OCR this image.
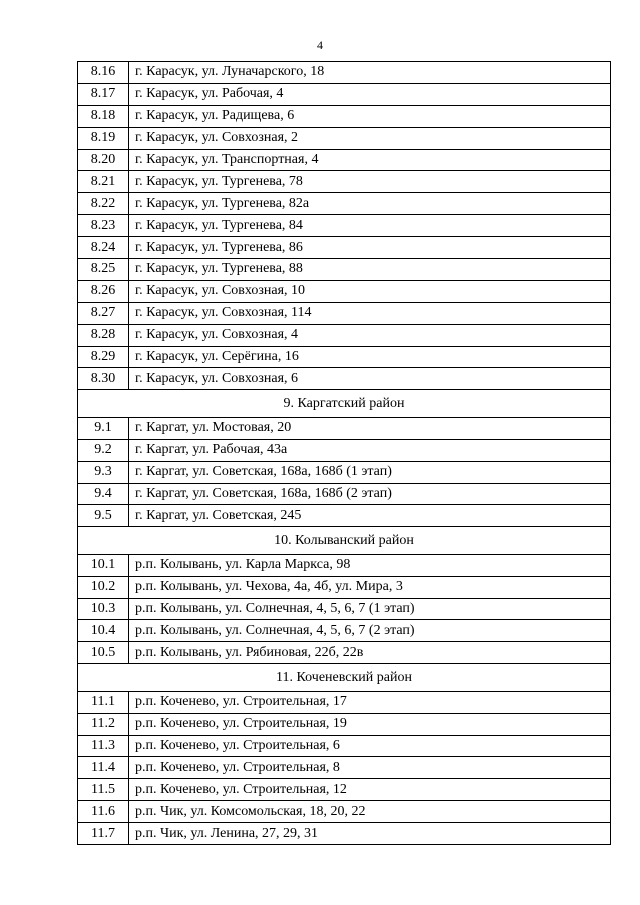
4
8.16	г. Карасук, ул. Луначарского, 18
8.17	г. Карасук, ул. Рабочая, 4
8.18	г. Карасук, ул. Радищева, 6
8.19	г. Карасук, ул. Совхозная, 2
8.20	г. Карасук, ул. Транспортная, 4
8.21	г. Карасук, ул. Тургенева, 78
8.22	г. Карасук, ул. Тургенева, 82а
8.23	г. Карасук, ул. Тургенева, 84
8.24	г. Карасук, ул. Тургенева, 86
8.25	г. Карасук, ул. Тургенева, 88
8.26	г. Карасук, ул. Совхозная, 10
8.27	г. Карасук, ул. Совхозная, 114
8.28	г. Карасук, ул. Совхозная, 4
8.29	г. Карасук, ул. Серёгина, 16
8.30	г. Карасук, ул. Совхозная, 6
9. Каргатский район	
9.1	г. Каргат, ул. Мостовая, 20
9.2	г. Каргат, ул. Рабочая, 43а
9.3	г. Каргат, ул. Советская, 168а, 168б (1 этап)
9.4	г. Каргат, ул. Советская, 168а, 168б (2 этап)
9.5	г. Каргат, ул. Советская, 245
10. Колыванский район	
10.1	р.п. Колывань, ул. Карла Маркса, 98
10.2	р.п. Колывань, ул. Чехова, 4а, 4б, ул. Мира, 3
10.3	р.п. Колывань, ул. Солнечная, 4, 5, 6, 7 (1 этап)
10.4	р.п. Колывань, ул. Солнечная, 4, 5, 6, 7 (2 этап)
10.5	р.п. Колывань, ул. Рябиновая, 22б, 22в
11. Коченевский район	
11.1	р.п. Коченево, ул. Строительная, 17
11.2	р.п. Коченево, ул. Строительная, 19
11.3	р.п. Коченево, ул. Строительная, 6
11.4	р.п. Коченево, ул. Строительная, 8
11.5	р.п. Коченево, ул. Строительная, 12
11.6	р.п. Чик, ул. Комсомольская, 18, 20, 22
11.7	р.п. Чик, ул. Ленина, 27, 29, 31
